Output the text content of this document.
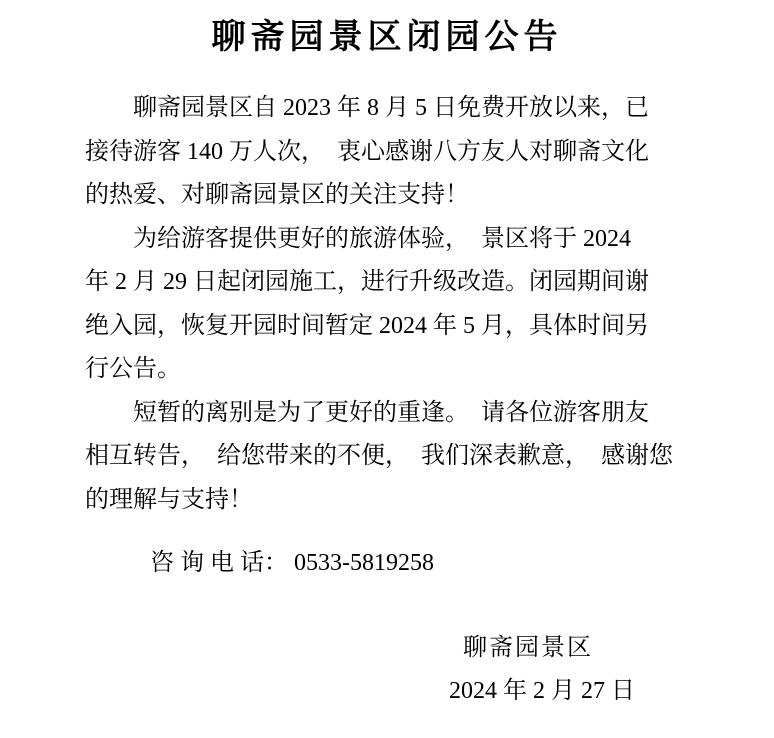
聊斋园景区闭园公告
聊斋园景区自 2023 年 8 月 5 日免费开放以来，已
接待游客 140 万人次，  衷心感谢八方友人对聊斋文化
的热爱、对聊斋园景区的关注支持！
为给游客提供更好的旅游体验，  景区将于 2024
年 2 月 29 日起闭园施工，进行升级改造。闭园期间谢
绝入园，恢复开园时间暂定 2024 年 5 月，具体时间另
行公告。
短暂的离别是为了更好的重逢。  请各位游客朋友
相互转告，  给您带来的不便，  我们深表歉意，  感谢您
的理解与支持！
咨 询 电 话： 0533-5819258
聊斋园景区
2024 年 2 月 27 日
